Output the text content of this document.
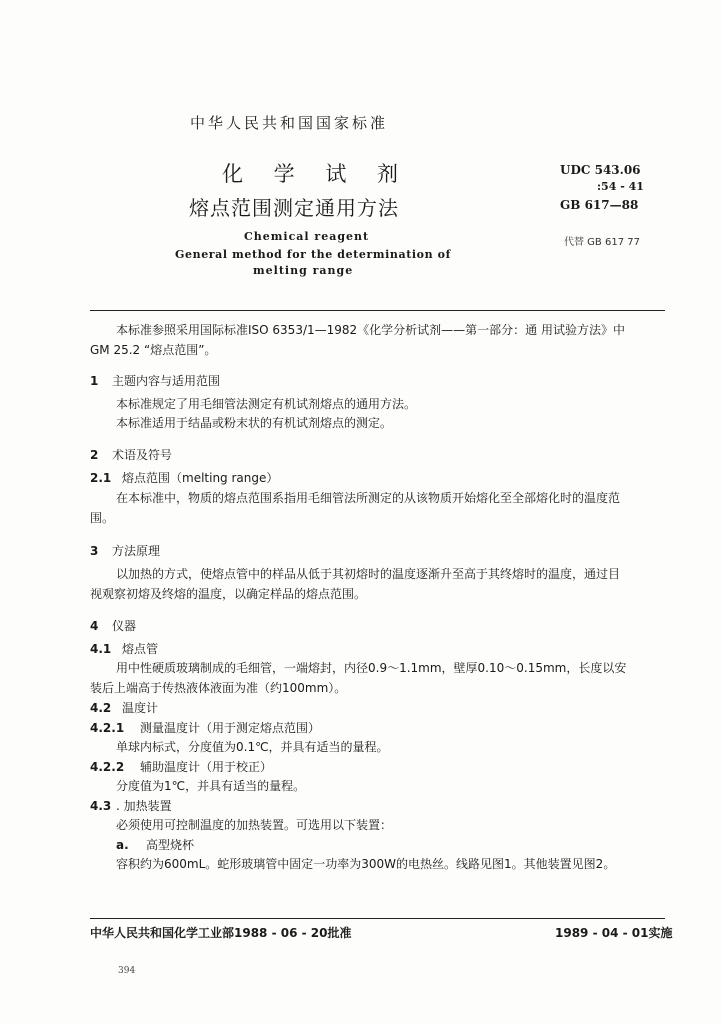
中华人民共和国国家标准
化 学 试 剂
熔点范围测定通用方法
Chemical reagent
General method for the determination of
melting range
UDC 543.06
:54 - 41
GB 617—88
代替 GB 617 77
本标准参照采用国际标准ISO 6353/1—1982《化学分析试剂——第一部分：通 用试验方法》中
GM 25.2 “熔点范围”。
1 主题内容与适用范围
本标准规定了用毛细管法测定有机试剂熔点的通用方法。
本标准适用于结晶或粉末状的有机试剂熔点的测定。
2 术语及符号
2.1 熔点范围（melting range）
在本标准中，物质的熔点范围系指用毛细管法所测定的从该物质开始熔化至全部熔化时的温度范
围。
3 方法原理
以加热的方式，使熔点管中的样品从低于其初熔时的温度逐渐升至高于其终熔时的温度，通过目
视观察初熔及终熔的温度，以确定样品的熔点范围。
4 仪器
4.1 熔点管
用中性硬质玻璃制成的毛细管，一端熔封，内径0.9～1.1mm，壁厚0.10～0.15mm，长度以安
装后上端高于传热液体液面为准（约100mm）。
4.2 温度计
4.2.1 测量温度计（用于测定熔点范围）
单球内标式，分度值为0.1℃，并具有适当的量程。
4.2.2 辅助温度计（用于校正）
分度值为1℃，并具有适当的量程。
4.3 . 加热装置
必须使用可控制温度的加热装置。可选用以下装置：
a. 高型烧杯
容积约为600mL。蛇形玻璃管中固定一功率为300W的电热丝。线路见图1。其他装置见图2。
中华人民共和国化学工业部1988 - 06 - 20批准	1989 - 04 - 01实施
394
